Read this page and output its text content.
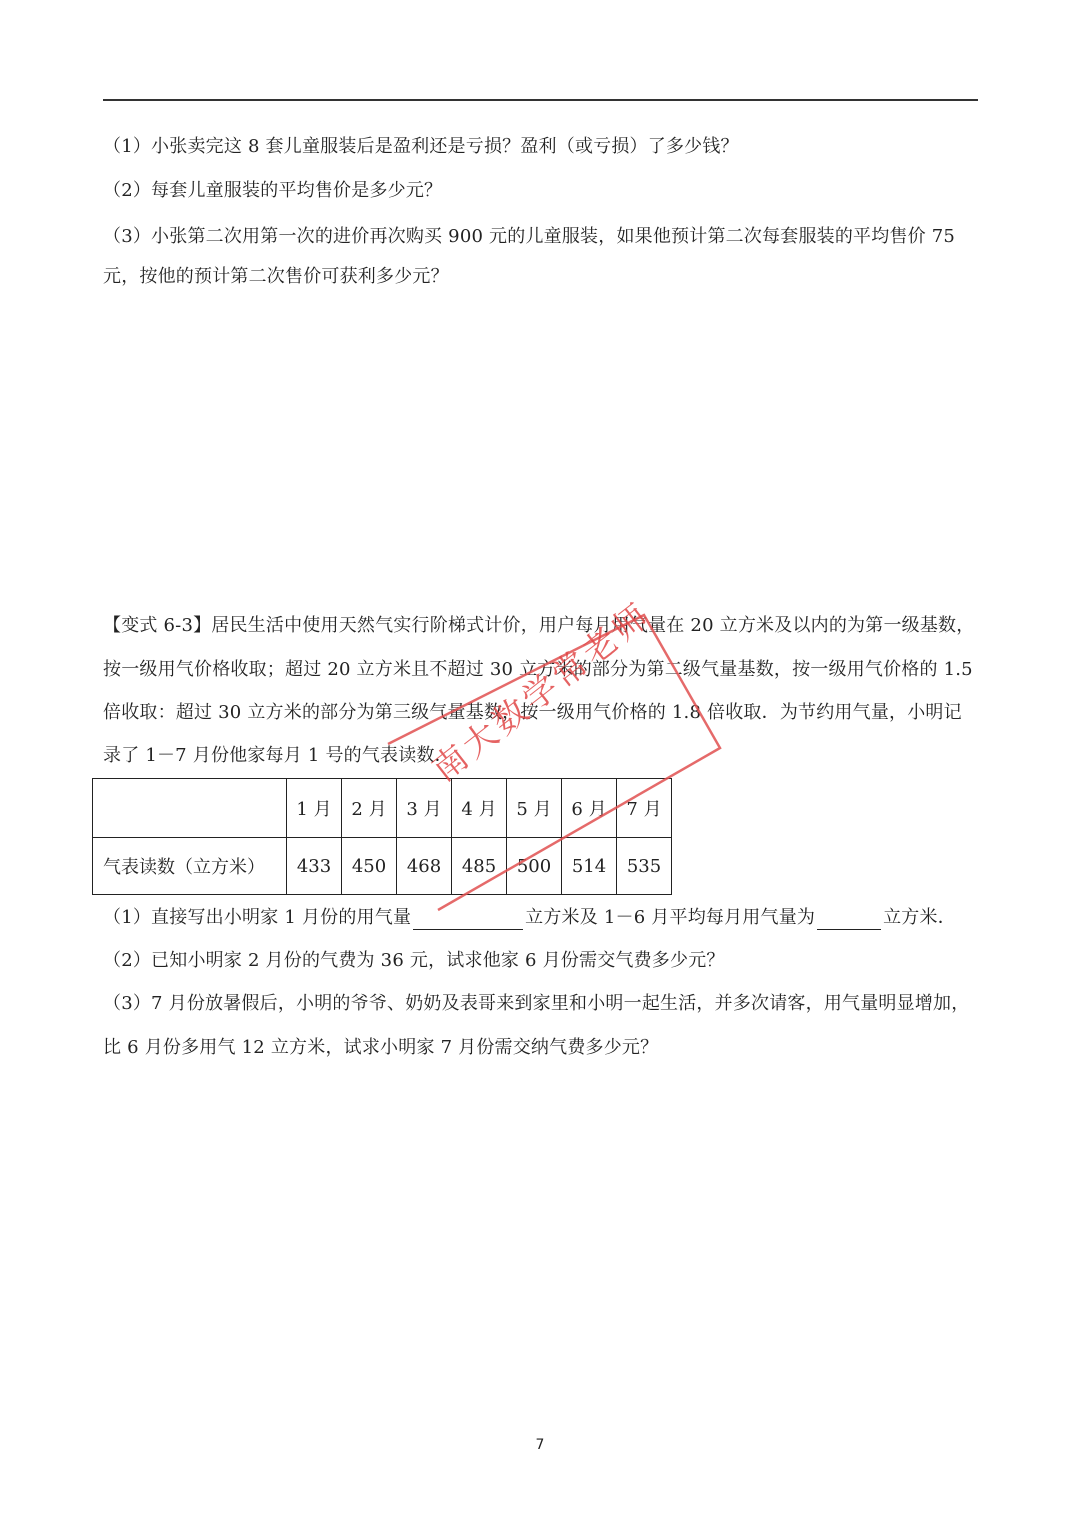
（1）小张卖完这 8 套儿童服装后是盈利还是亏损？盈利（或亏损）了多少钱？
（2）每套儿童服装的平均售价是多少元？
（3）小张第二次用第一次的进价再次购买 900 元的儿童服装，如果他预计第二次每套服装的平均售价 75
元，按他的预计第二次售价可获利多少元？
【变式 6-3】居民生活中使用天然气实行阶梯式计价，用户每月用气量在 20 立方米及以内的为第一级基数，
按一级用气价格收取；超过 20 立方米且不超过 30 立方米的部分为第二级气量基数，按一级用气价格的 1.5
倍收取：超过 30 立方米的部分为第三级气量基数，按一级用气价格的 1.8 倍收取．为节约用气量，小明记
录了 1－7 月份他家每月 1 号的气表读数．
	1 月	2 月	3 月	4 月	5 月	6 月	7 月
气表读数（立方米）	433	450	468	485	500	514	535
（1）直接写出小明家 1 月份的用气量	立方米及 1－6 月平均每月用气量为	立方米．
（2）已知小明家 2 月份的气费为 36 元，试求他家 6 月份需交气费多少元？
（3）7 月份放暑假后，小明的爷爷、奶奶及表哥来到家里和小明一起生活，并多次请客，用气量明显增加，
比 6 月份多用气 12 立方米，试求小明家 7 月份需交纳气费多少元？
7
南大数学常老师
